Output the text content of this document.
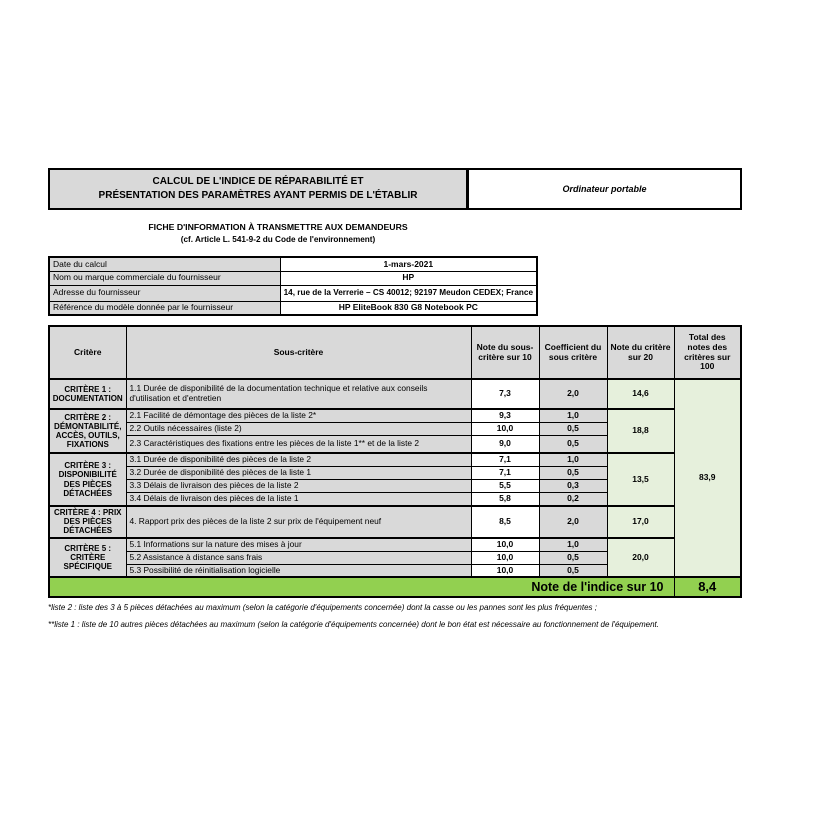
CALCUL DE L'INDICE DE RÉPARABILITÉ ET
PRÉSENTATION DES PARAMÈTRES AYANT PERMIS DE L'ÉTABLIR
Ordinateur portable
FICHE D'INFORMATION À TRANSMETTRE AUX DEMANDEURS
(cf. Article L. 541-9-2 du Code de l'environnement)
Date du calcul	1-mars-2021
Nom ou marque commerciale du fournisseur	HP
Adresse du fournisseur	14, rue de la Verrerie – CS 40012; 92197 Meudon CEDEX; France
Référence du modèle donnée par le fournisseur	HP EliteBook 830 G8 Notebook PC
Critère	Sous-critère	Note du sous-critère sur 10	Coefficient du sous critère	Note du critère sur 20	Total des notes des critères sur 100
CRITÈRE 1 : DOCUMENTATION	1.1 Durée de disponibilité de la documentation technique et relative aux conseils d'utilisation et d'entretien	7,3	2,0	14,6	83,9
CRITÈRE 2 : DÉMONTABILITÉ, ACCÈS, OUTILS, FIXATIONS	2.1 Facilité de démontage des pièces de la liste 2*	9,3	1,0	18,8	
	2.2 Outils nécessaires (liste 2)	10,0	0,5		
	2.3 Caractéristiques des fixations entre les pièces de la liste 1** et de la liste 2	9,0	0,5		
CRITÈRE 3 : DISPONIBILITÉ DES PIÈCES DÉTACHÉES	3.1 Durée de disponibilité des pièces de la liste 2	7,1	1,0	13,5	
	3.2 Durée de disponibilité des pièces de la liste 1	7,1	0,5		
	3.3 Délais de livraison des pièces de la liste 2	5,5	0,3		
	3.4 Délais de livraison des pièces de la liste 1	5,8	0,2		
CRITÈRE 4 : PRIX DES PIÈCES DÉTACHÉES	4. Rapport prix des pièces de la liste 2 sur prix de l'équipement neuf	8,5	2,0	17,0	
CRITÈRE 5 : CRITÈRE SPÉCIFIQUE	5.1 Informations sur la nature des mises à jour	10,0	1,0	20,0	
	5.2 Assistance à distance sans frais	10,0	0,5		
	5.3 Possibilité de réinitialisation logicielle	10,0	0,5		
Note de l'indice sur 10					8,4
*liste 2 : liste des 3 à 5 pièces détachées au maximum (selon la catégorie d'équipements concernée) dont la casse ou les pannes sont les plus fréquentes ;
**liste 1 : liste de 10 autres pièces détachées au maximum (selon la catégorie d'équipements concernée) dont le bon état est nécessaire au fonctionnement de l'équipement.
